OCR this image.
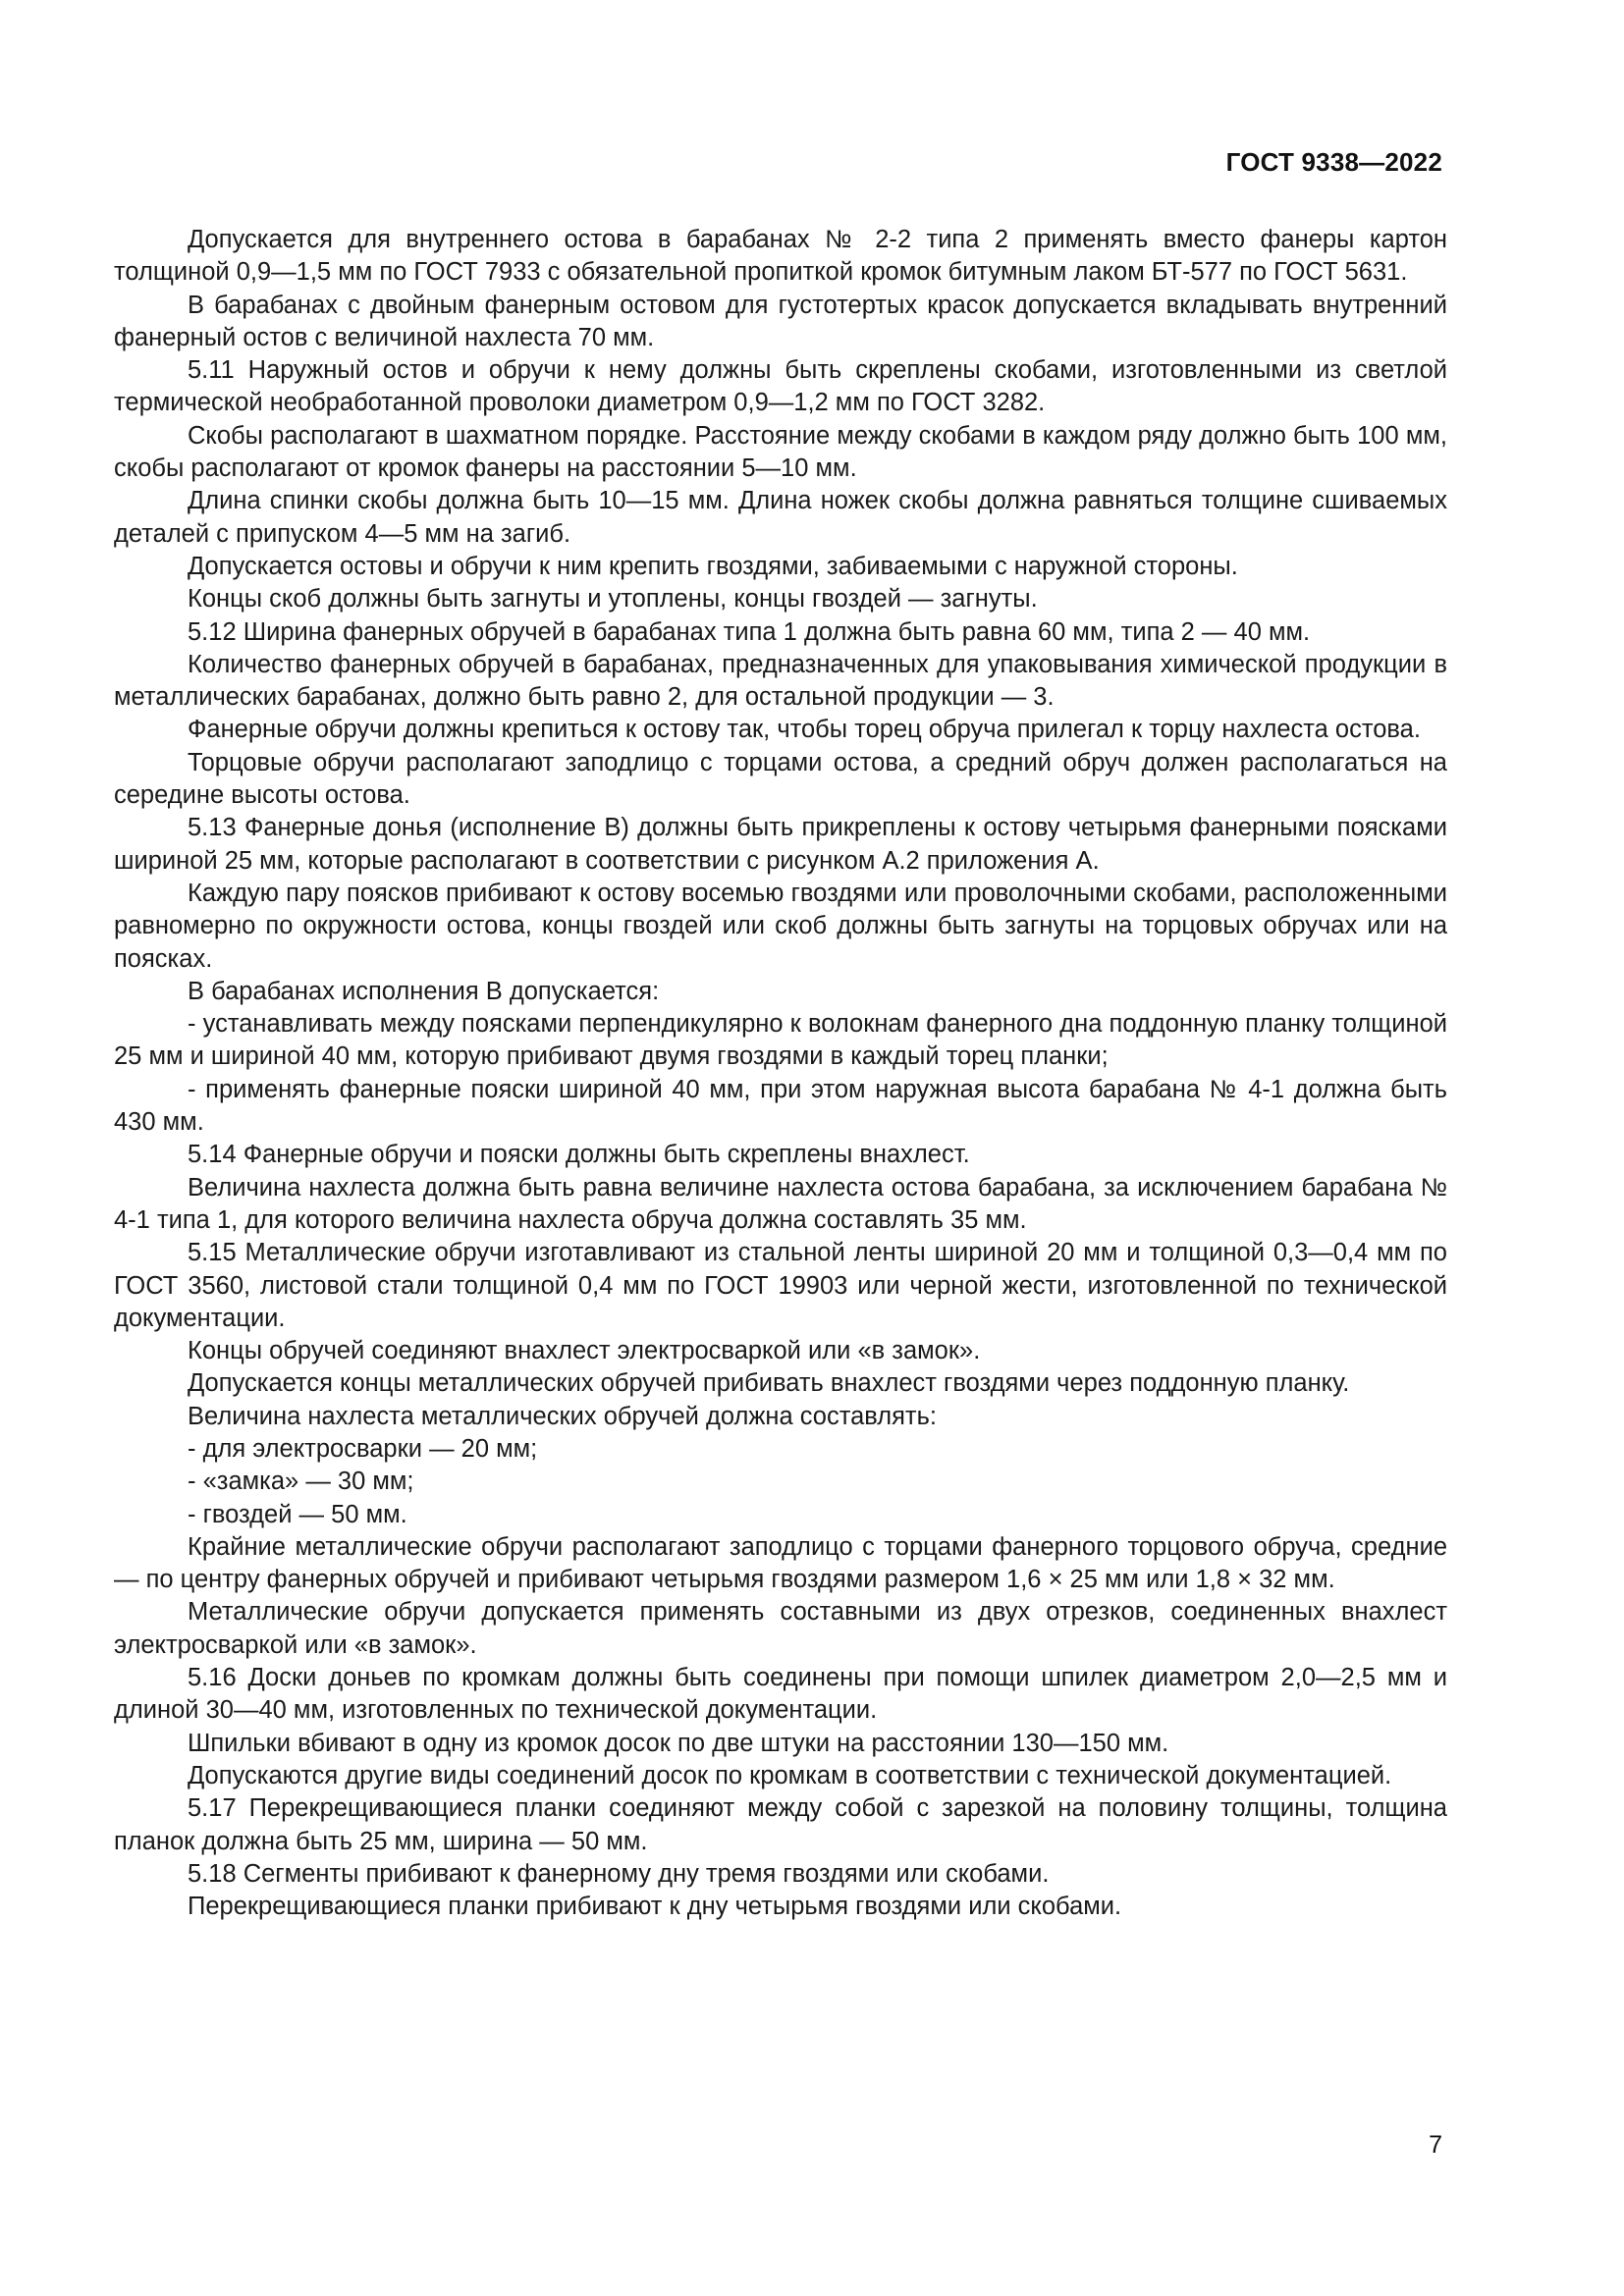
ГОСТ 9338—2022

Допускается для внутреннего остова в барабанах № 2-2 типа 2 применять вместо фанеры картон толщиной 0,9—1,5 мм по ГОСТ 7933 с обязательной пропиткой кромок битумным лаком БТ-577 по ГОСТ 5631.

В барабанах с двойным фанерным остовом для густотертых красок допускается вкладывать внутренний фанерный остов с величиной нахлеста 70 мм.

5.11 Наружный остов и обручи к нему должны быть скреплены скобами, изготовленными из светлой термической необработанной проволоки диаметром 0,9—1,2 мм по ГОСТ 3282.

Скобы располагают в шахматном порядке. Расстояние между скобами в каждом ряду должно быть 100 мм, скобы располагают от кромок фанеры на расстоянии 5—10 мм.

Длина спинки скобы должна быть 10—15 мм. Длина ножек скобы должна равняться толщине сшиваемых деталей с припуском 4—5 мм на загиб.

Допускается остовы и обручи к ним крепить гвоздями, забиваемыми с наружной стороны.

Концы скоб должны быть загнуты и утоплены, концы гвоздей — загнуты.

5.12 Ширина фанерных обручей в барабанах типа 1 должна быть равна 60 мм, типа 2 — 40 мм.

Количество фанерных обручей в барабанах, предназначенных для упаковывания химической продукции в металлических барабанах, должно быть равно 2, для остальной продукции — 3.

Фанерные обручи должны крепиться к остову так, чтобы торец обруча прилегал к торцу нахлеста остова.

Торцовые обручи располагают заподлицо с торцами остова, а средний обруч должен располагаться на середине высоты остова.

5.13 Фанерные донья (исполнение В) должны быть прикреплены к остову четырьмя фанерными поясками шириной 25 мм, которые располагают в соответствии с рисунком А.2 приложения А.

Каждую пару поясков прибивают к остову восемью гвоздями или проволочными скобами, расположенными равномерно по окружности остова, концы гвоздей или скоб должны быть загнуты на торцовых обручах или на поясках.

В барабанах исполнения В допускается:

- устанавливать между поясками перпендикулярно к волокнам фанерного дна поддонную планку толщиной 25 мм и шириной 40 мм, которую прибивают двумя гвоздями в каждый торец планки;

- применять фанерные пояски шириной 40 мм, при этом наружная высота барабана № 4-1 должна быть 430 мм.

5.14 Фанерные обручи и пояски должны быть скреплены внахлест.

Величина нахлеста должна быть равна величине нахлеста остова барабана, за исключением барабана № 4-1 типа 1, для которого величина нахлеста обруча должна составлять 35 мм.

5.15 Металлические обручи изготавливают из стальной ленты шириной 20 мм и толщиной 0,3—0,4 мм по ГОСТ 3560, листовой стали толщиной 0,4 мм по ГОСТ 19903 или черной жести, изготовленной по технической документации.

Концы обручей соединяют внахлест электросваркой или «в замок».

Допускается концы металлических обручей прибивать внахлест гвоздями через поддонную планку.

Величина нахлеста металлических обручей должна составлять:

- для электросварки — 20 мм;

- «замка» — 30 мм;

- гвоздей — 50 мм.

Крайние металлические обручи располагают заподлицо с торцами фанерного торцового обруча, средние — по центру фанерных обручей и прибивают четырьмя гвоздями размером 1,6 × 25 мм или 1,8 × 32 мм.

Металлические обручи допускается применять составными из двух отрезков, соединенных внахлест электросваркой или «в замок».

5.16 Доски доньев по кромкам должны быть соединены при помощи шпилек диаметром 2,0—2,5 мм и длиной 30—40 мм, изготовленных по технической документации.

Шпильки вбивают в одну из кромок досок по две штуки на расстоянии 130—150 мм.

Допускаются другие виды соединений досок по кромкам в соответствии с технической документацией.

5.17 Перекрещивающиеся планки соединяют между собой с зарезкой на половину толщины, толщина планок должна быть 25 мм, ширина — 50 мм.

5.18 Сегменты прибивают к фанерному дну тремя гвоздями или скобами.

Перекрещивающиеся планки прибивают к дну четырьмя гвоздями или скобами.

7
